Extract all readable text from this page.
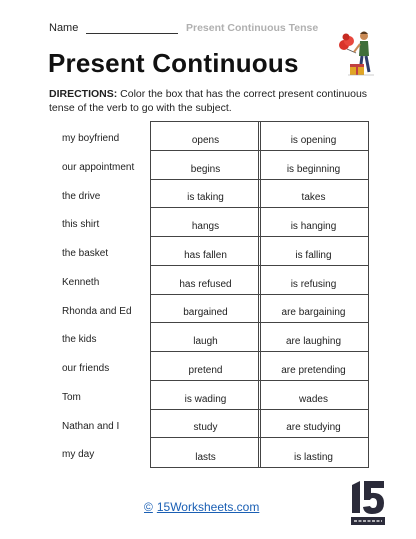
Name	Present Continuous Tense
Present Continuous
DIRECTIONS: Color the box that has the correct present continuous tense of the verb to go with the subject.
my boyfriend
our appointment
the drive
this shirt
the basket
Kenneth
Rhonda and Ed
the kids
our friends
Tom
Nathan and I
my day
opens
begins
is taking
hangs
has fallen
has refused
bargained
laugh
pretend
is wading
study
lasts
is opening
is beginning
takes
is hanging
is falling
is refusing
are bargaining
are laughing
are pretending
wades
are studying
is lasting
© 15Worksheets.com
